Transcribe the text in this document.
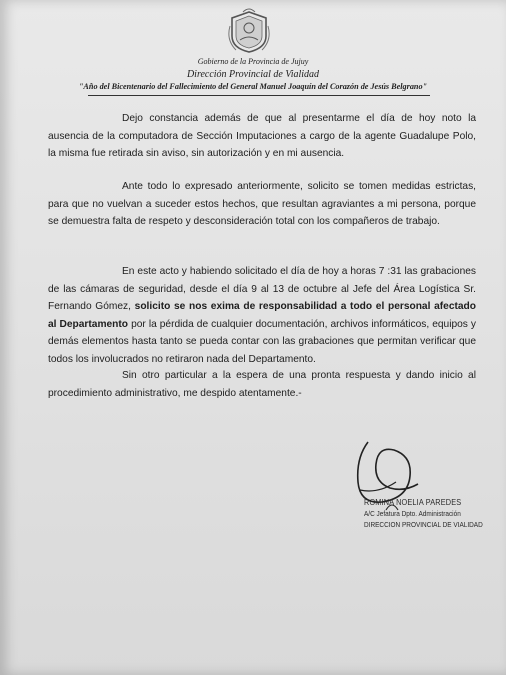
Gobierno de la Provincia de Jujuy
Dirección Provincial de Vialidad
"Año del Bicentenario del Fallecimiento del General Manuel Joaquín del Corazón de Jesús Belgrano"
Dejo constancia además de que al presentarme el día de hoy noto la ausencia de la computadora de Sección Imputaciones a cargo de la agente Guadalupe Polo, la misma fue retirada sin aviso, sin autorización y en mi ausencia.
Ante todo lo expresado anteriormente, solicito se tomen medidas estrictas, para que no vuelvan a suceder estos hechos, que resultan agraviantes a mi persona, porque se demuestra falta de respeto y desconsideración total con los compañeros de trabajo.
En este acto y habiendo solicitado el día de hoy a horas 7 :31 las grabaciones de las cámaras de seguridad, desde el día 9 al 13 de octubre al Jefe del Área Logística Sr. Fernando Gómez, solicito se nos exima de responsabilidad a todo el personal afectado al Departamento por la pérdida de cualquier documentación, archivos informáticos, equipos y demás elementos hasta tanto se pueda contar con las grabaciones que permitan verificar que todos los involucrados no retiraron nada del Departamento.
Sin otro particular a la espera de una pronta respuesta y dando inicio al procedimiento administrativo, me despido atentamente.-
ROMINA NOELIA PAREDES
A/C Jefatura Dpto. Administración
DIRECCION PROVINCIAL DE VIALIDAD
